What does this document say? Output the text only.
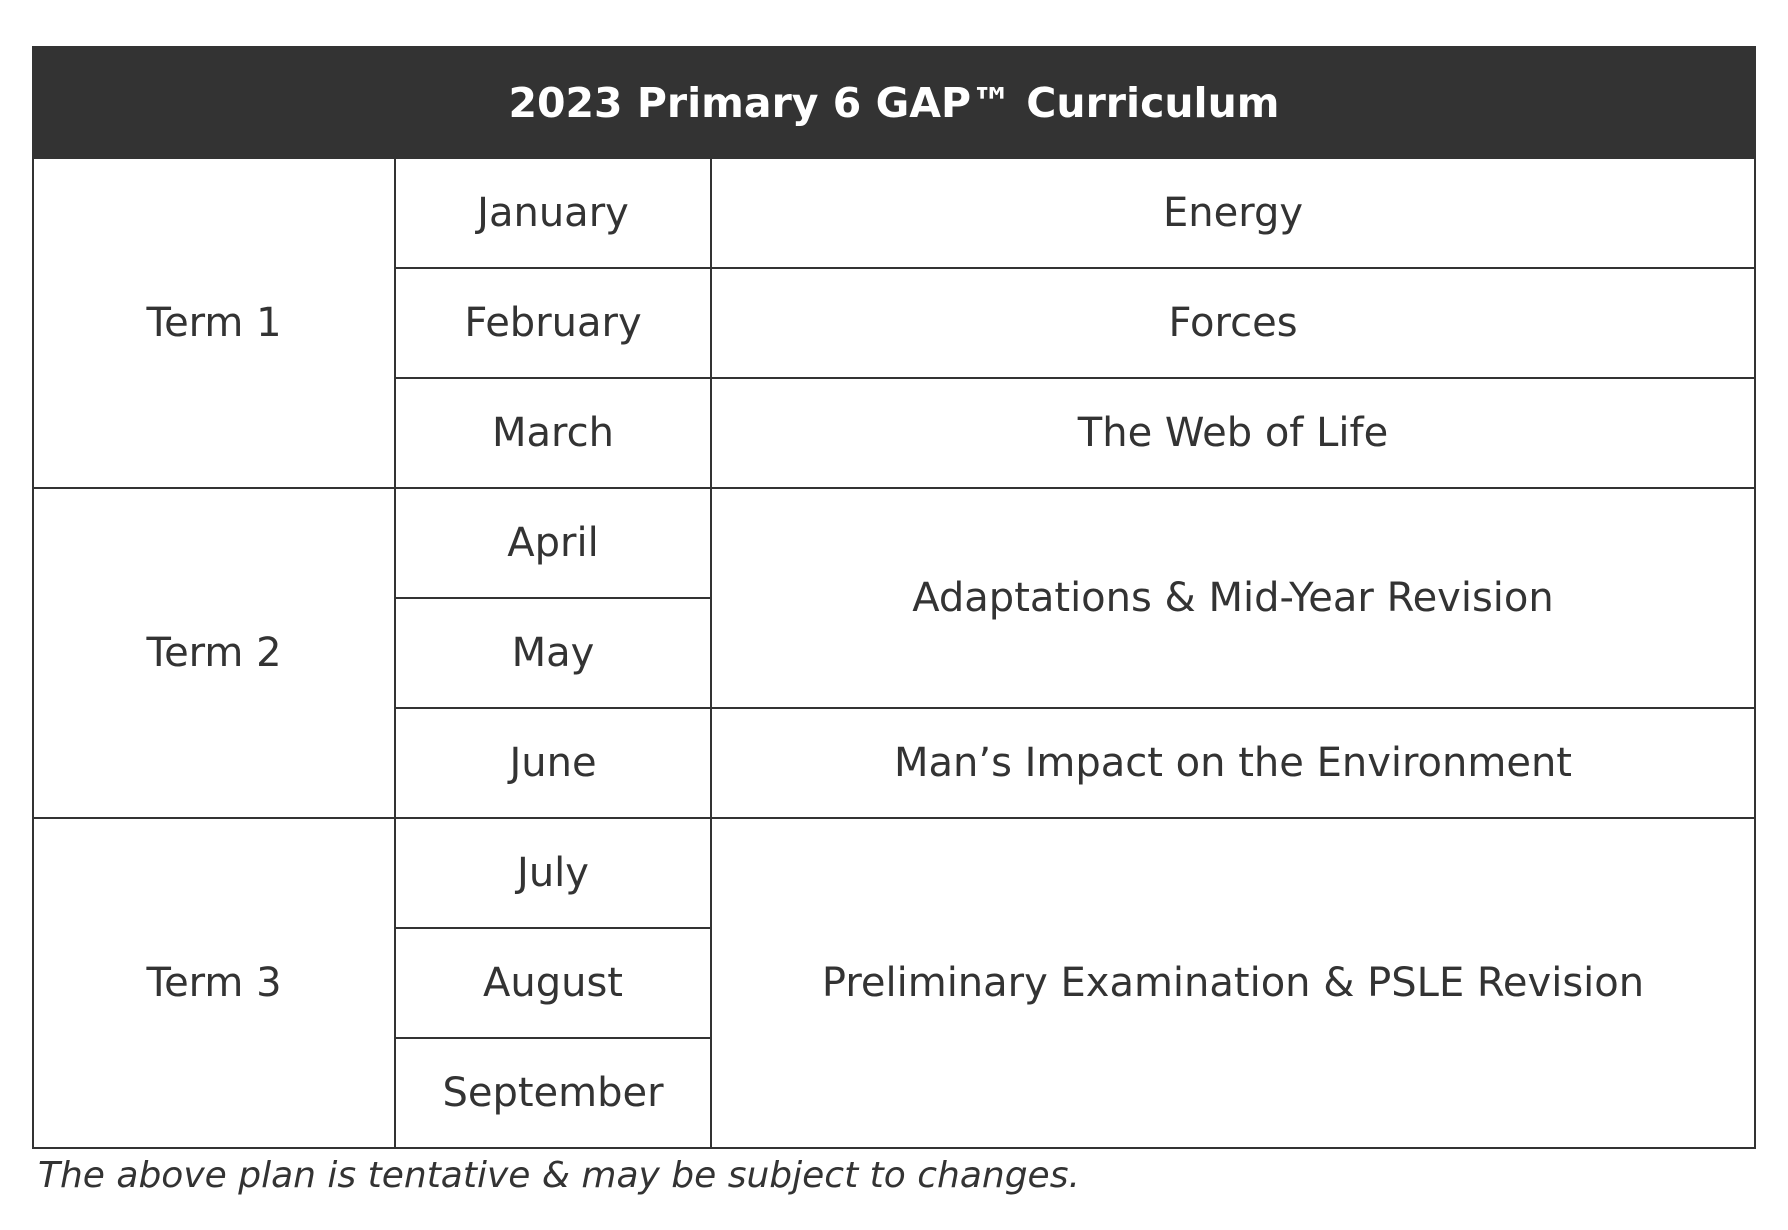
2023 Primary 6 GAP™ Curriculum		
Term 1	January	Energy
	February	Forces
	March	The Web of Life
Term 2	April	Adaptations & Mid-Year Revision
	May	
	June	Man’s Impact on the Environment
Term 3	July	Preliminary Examination & PSLE Revision
	August	
	September	
The above plan is tentative & may be subject to changes.
